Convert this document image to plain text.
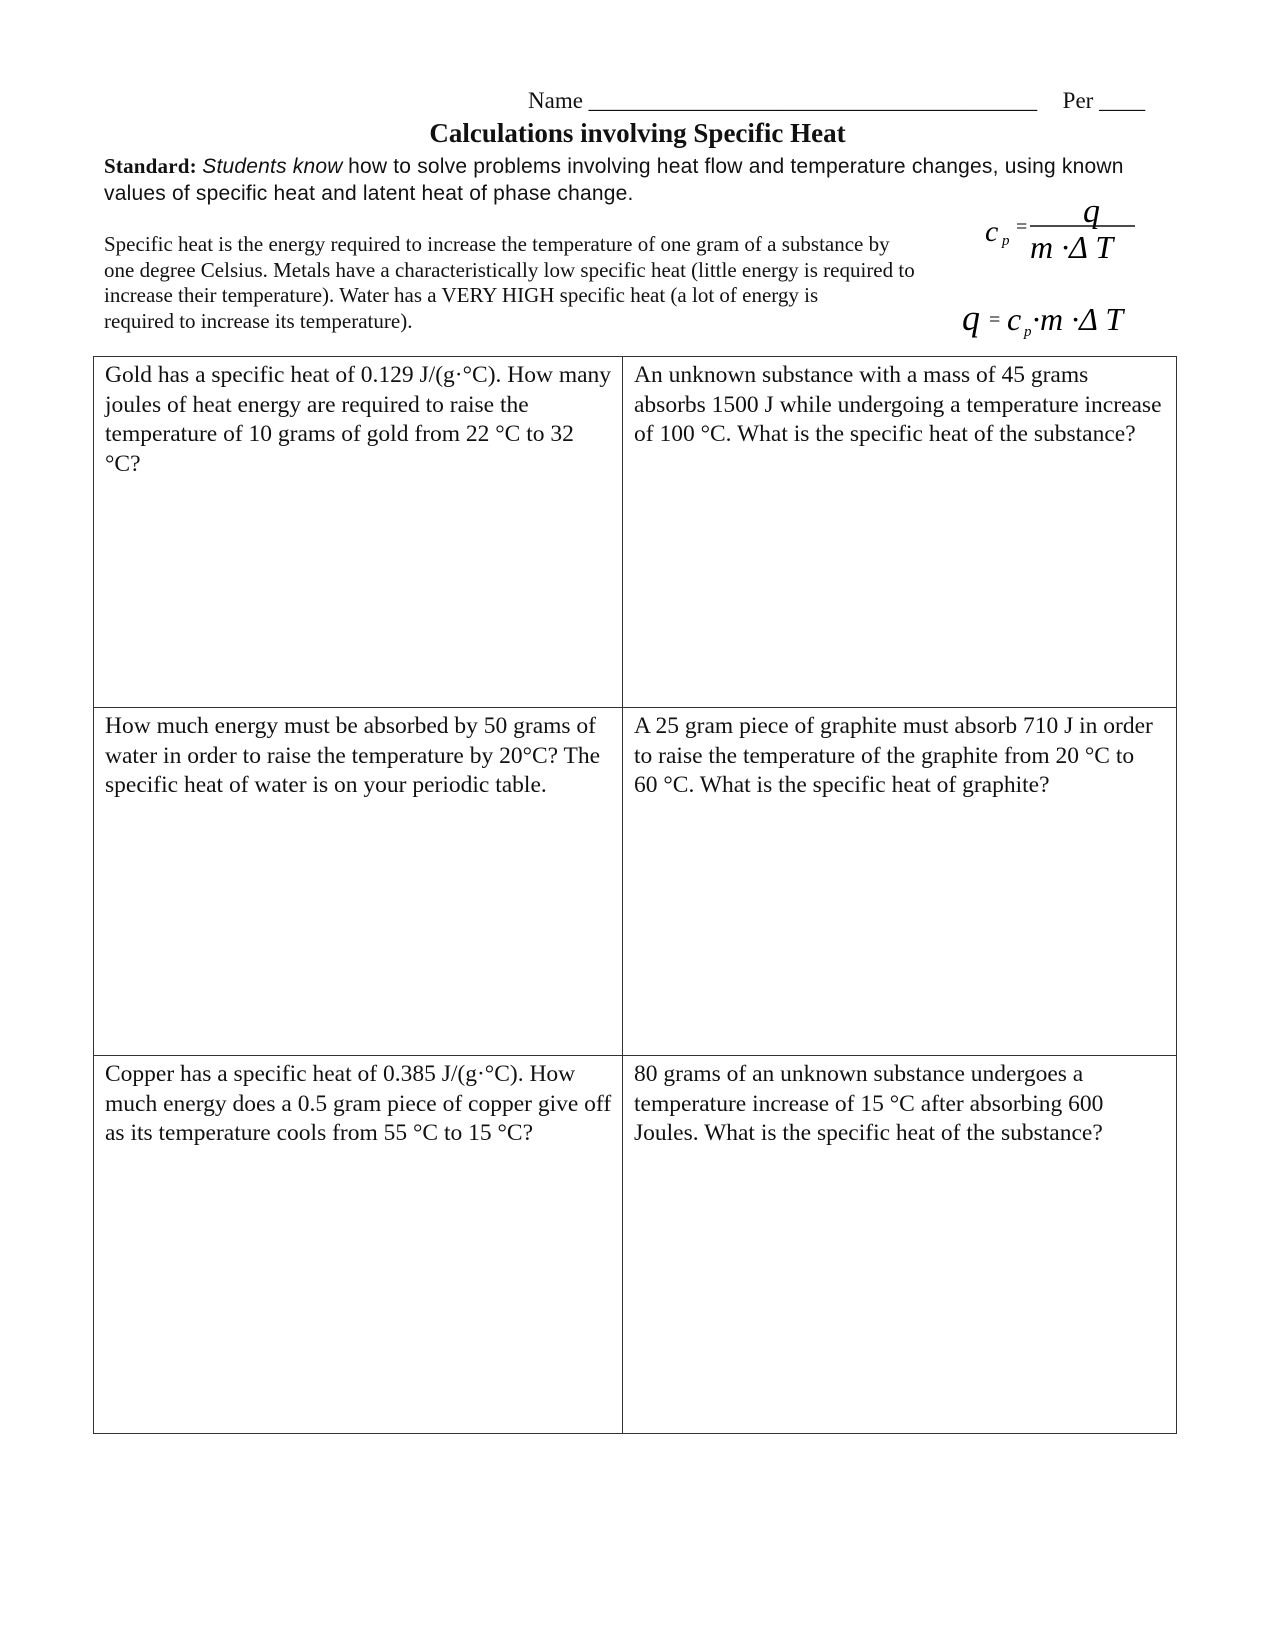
Name _______________________________________ Per ____
Calculations involving Specific Heat
Standard: Students know how to solve problems involving heat flow and temperature changes, using known values of specific heat and latent heat of phase change.
Specific heat is the energy required to increase the temperature of one gram of a substance by
one degree Celsius. Metals have a characteristically low specific heat (little energy is required to
increase their temperature). Water has a VERY HIGH specific heat (a lot of energy is
required to increase its temperature).
c p
= q
m ·Δ T
q = c p ·m ·Δ T
Gold has a specific heat of 0.129 J/(g·°C). How many joules of heat energy are required to raise the temperature of 10 grams of gold from 22 °C to 32 °C?
An unknown substance with a mass of 45 grams absorbs 1500 J while undergoing a temperature increase of 100 °C. What is the specific heat of the substance?
How much energy must be absorbed by 50 grams of water in order to raise the temperature by 20°C? The specific heat of water is on your periodic table.
A 25 gram piece of graphite must absorb 710 J in order to raise the temperature of the graphite from 20 °C to 60 °C. What is the specific heat of graphite?
Copper has a specific heat of 0.385 J/(g·°C). How much energy does a 0.5 gram piece of copper give off as its temperature cools from 55 °C to 15 °C?
80 grams of an unknown substance undergoes a temperature increase of 15 °C after absorbing 600 Joules. What is the specific heat of the substance?
